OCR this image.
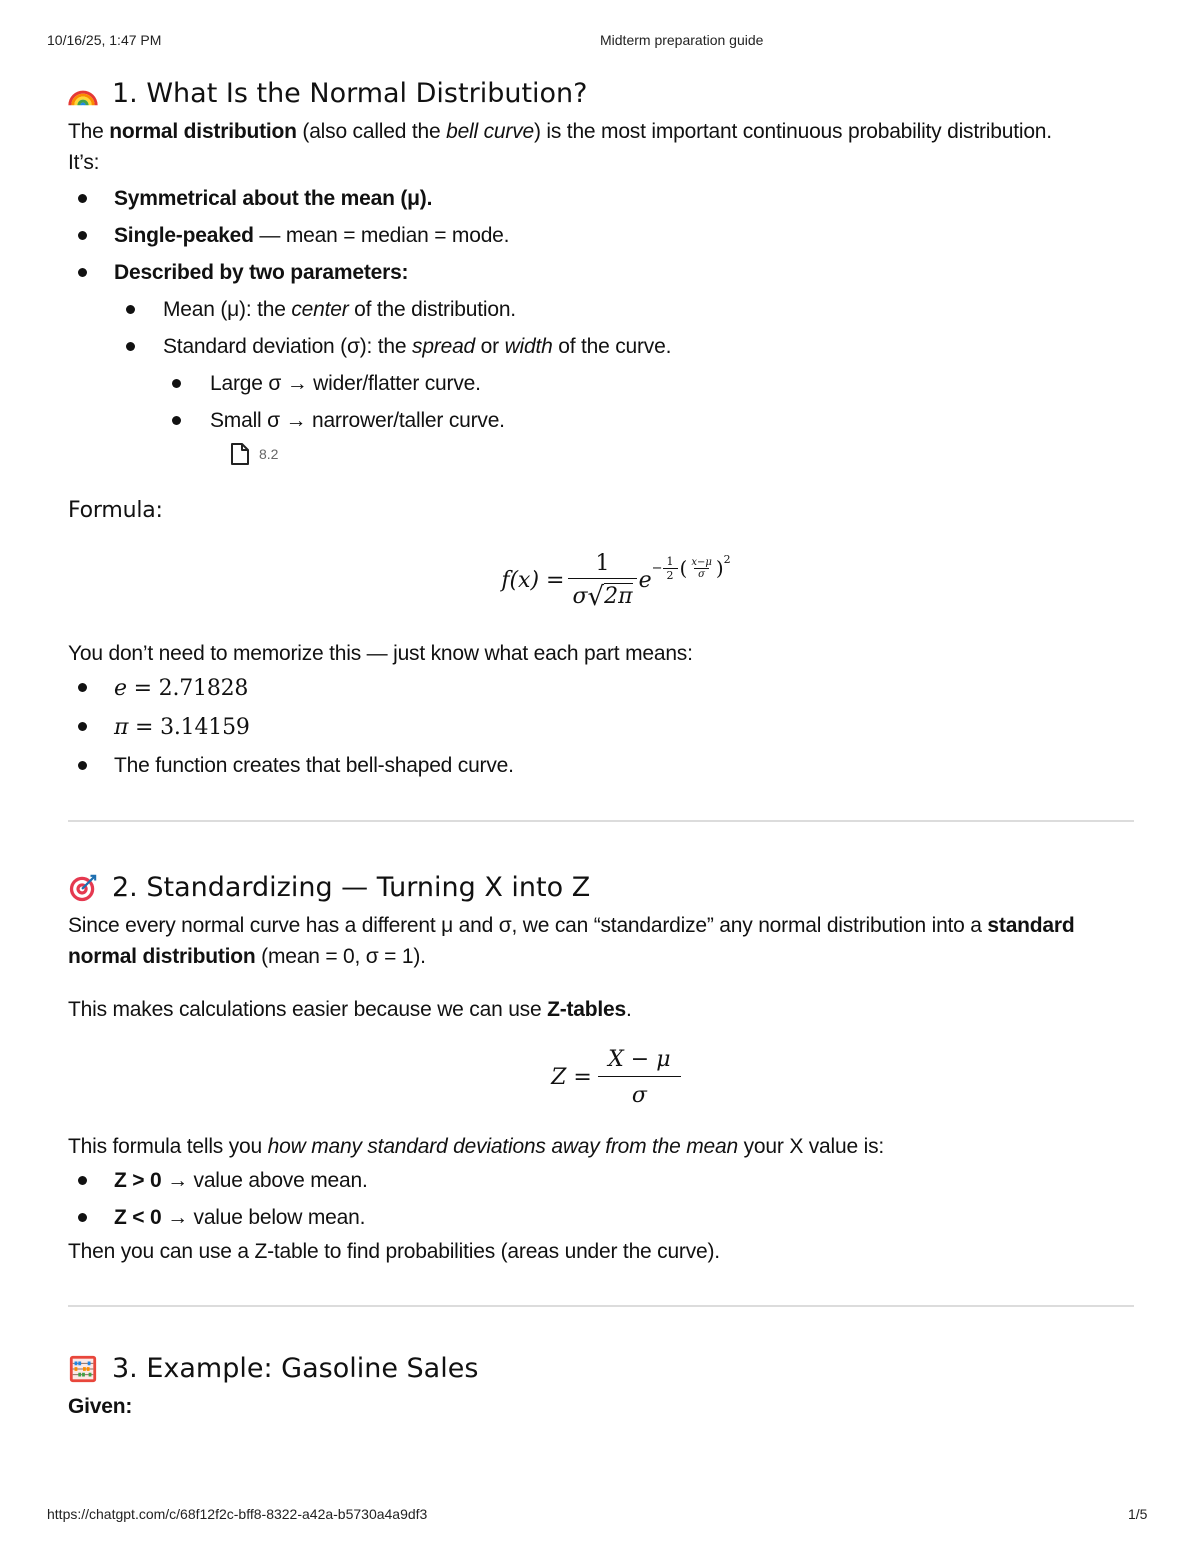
10/16/25, 1:47 PM	Midterm preparation guide
1. What Is the Normal Distribution?

The normal distribution (also called the bell curve) is the most important continuous probability distribution.

It’s:

Symmetrical about the mean (μ).
Single-peaked — mean = median = mode.
Described by two parameters:
Mean (μ): the center of the distribution.
Standard deviation (σ): the spread or width of the curve.
Large σ → wider/flatter curve.
Small σ → narrower/taller curve.
8.2

Formula:

$f(x) = \frac{1}{\sigma √ 2\pi}$ $e - \frac{1}{2}$ ( $\frac{x-\mu}{\sigma}$ ) 2

You don’t need to memorize this — just know what each part means:

e = 2.71828
π = 3.14159
The function creates that bell-shaped curve.
2. Standardizing — Turning X into Z

Since every normal curve has a different μ and σ, we can “standardize” any normal distribution into a standard normal distribution (mean = 0, σ = 1).

This makes calculations easier because we can use Z-tables.

$Z = \frac{X - \mu}{\sigma}$

This formula tells you how many standard deviations away from the mean your X value is:

Z > 0 → value above mean.
Z < 0 → value below mean.

Then you can use a Z-table to find probabilities (areas under the curve).

3. Example: Gasoline Sales

Given:

https://chatgpt.com/c/68f12f2c-bff8-8322-a42a-b5730a4a9df3	1/5
